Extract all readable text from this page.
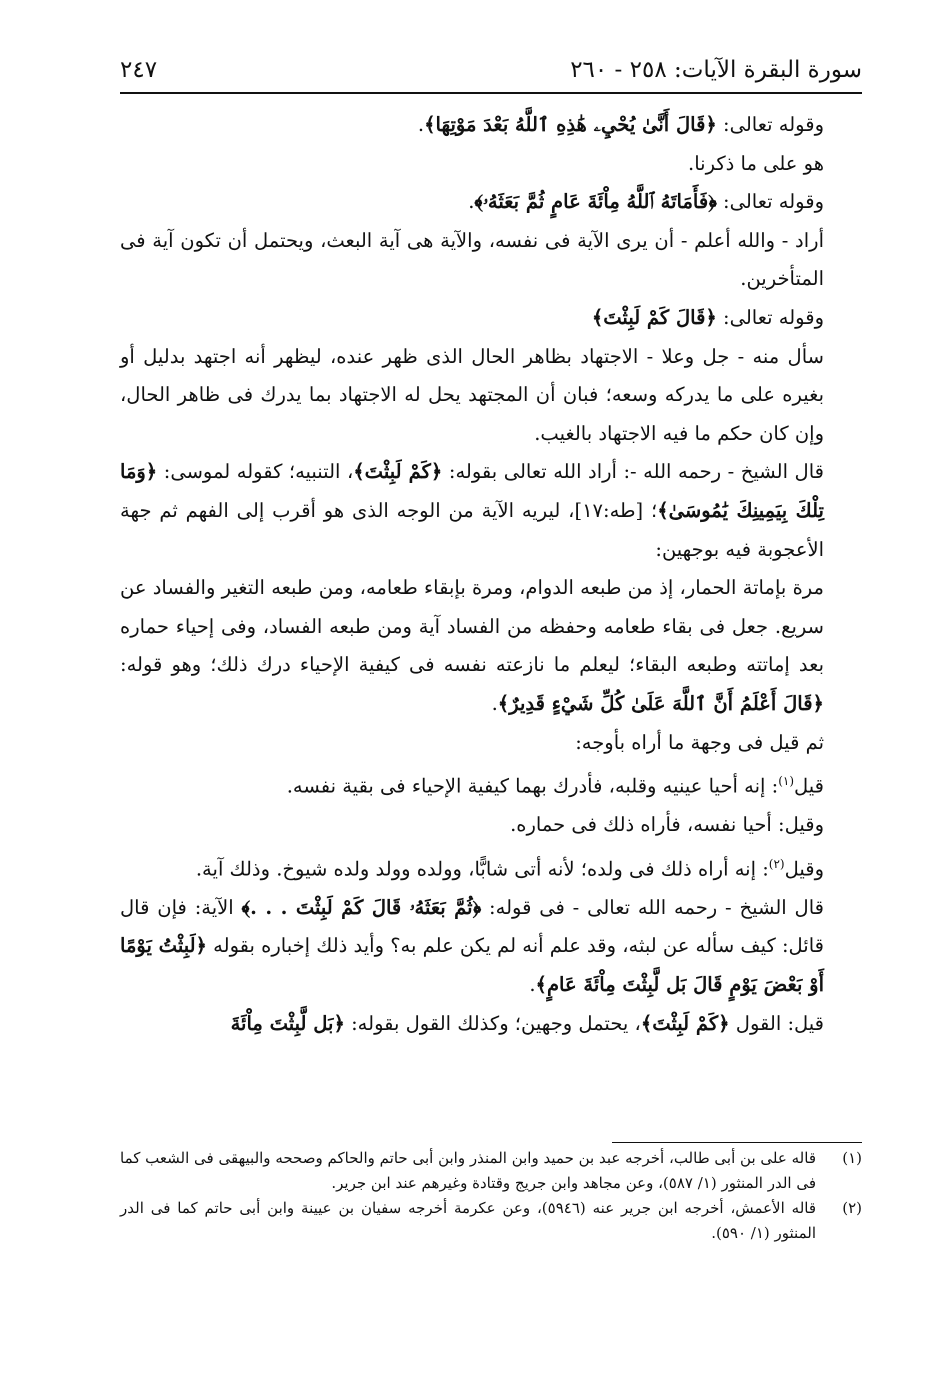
سورة البقرة الآيات: ٢٥٨ - ٢٦٠
٢٤٧

وقوله تعالى: ﴿قَالَ أَنَّىٰ يُحْيِۦ هَٰذِهِ ٱللَّهُ بَعْدَ مَوْتِهَا﴾.

هو على ما ذكرنا.

وقوله تعالى: ﴿فَأَمَاتَهُ ٱللَّهُ مِاْئَةَ عَامٍ ثُمَّ بَعَثَهُۥ﴾.

أراد - والله أعلم - أن يرى الآية فى نفسه، والآية هى آية البعث، ويحتمل أن تكون آية فى المتأخرين.

وقوله تعالى: ﴿قَالَ كَمْ لَبِثْتَ﴾

سأل منه - جل وعلا - الاجتهاد بظاهر الحال الذى ظهر عنده، ليظهر أنه اجتهد بدليل أو بغيره على ما يدركه وسعه؛ فبان أن المجتهد يحل له الاجتهاد بما يدرك فى ظاهر الحال، وإن كان حكم ما فيه الاجتهاد بالغيب.

قال الشيخ - رحمه الله -: أراد الله تعالى بقوله: ﴿كَمْ لَبِثْتَ﴾، التنبيه؛ كقوله لموسى: ﴿وَمَا تِلْكَ بِيَمِينِكَ يَٰمُوسَىٰ﴾؛ [طه:١٧]، ليريه الآية من الوجه الذى هو أقرب إلى الفهم ثم جهة الأعجوبة فيه بوجهين:

مرة بإماتة الحمار، إذ من طبعه الدوام، ومرة بإبقاء طعامه، ومن طبعه التغير والفساد عن سريع. جعل فى بقاء طعامه وحفظه من الفساد آية ومن طبعه الفساد، وفى إحياء حماره بعد إماتته وطبعه البقاء؛ ليعلم ما نازعته نفسه فى كيفية الإحياء درك ذلك؛ وهو قوله: ﴿قَالَ أَعْلَمُ أَنَّ ٱللَّهَ عَلَىٰ كُلِّ شَيْءٍ قَدِيرٌ﴾.

ثم قيل فى وجهة ما أراه بأوجه:

قيل$^{(١)}$: إنه أحيا عينيه وقلبه، فأدرك بهما كيفية الإحياء فى بقية نفسه.

وقيل: أحيا نفسه، فأراه ذلك فى حماره.

وقيل$^{(٢)}$: إنه أراه ذلك فى ولده؛ لأنه أتى شابًّا، وولده وولد ولده شيوخ. وذلك آية.

قال الشيخ - رحمه الله تعالى - فى قوله: ﴿ثُمَّ بَعَثَهُۥ قَالَ كَمْ لَبِثْتَ . . .﴾ الآية: فإن قال قائل: كيف سأله عن لبثه، وقد علم أنه لم يكن علم به؟ وأيد ذلك إخباره بقوله ﴿لَبِثْتُ يَوْمًا أَوْ بَعْضَ يَوْمٍ قَالَ بَل لَّبِثْتَ مِاْئَةَ عَامٍ﴾.

قيل: القول ﴿كَمْ لَبِثْتَ﴾، يحتمل وجهين؛ وكذلك القول بقوله: ﴿بَل لَّبِثْتَ مِاْئَةَ

(١)
قاله على بن أبى طالب، أخرجه عبد بن حميد وابن المنذر وابن أبى حاتم والحاكم وصححه والبيهقى فى الشعب كما فى الدر المنثور (١/ ٥٨٧)، وعن مجاهد وابن جريج وقتادة وغيرهم عند ابن جرير.
(٢)
قاله الأعمش، أخرجه ابن جرير عنه (٥٩٤٦)، وعن عكرمة أخرجه سفيان بن عيينة وابن أبى حاتم كما فى الدر المنثور (١/ ٥٩٠).
